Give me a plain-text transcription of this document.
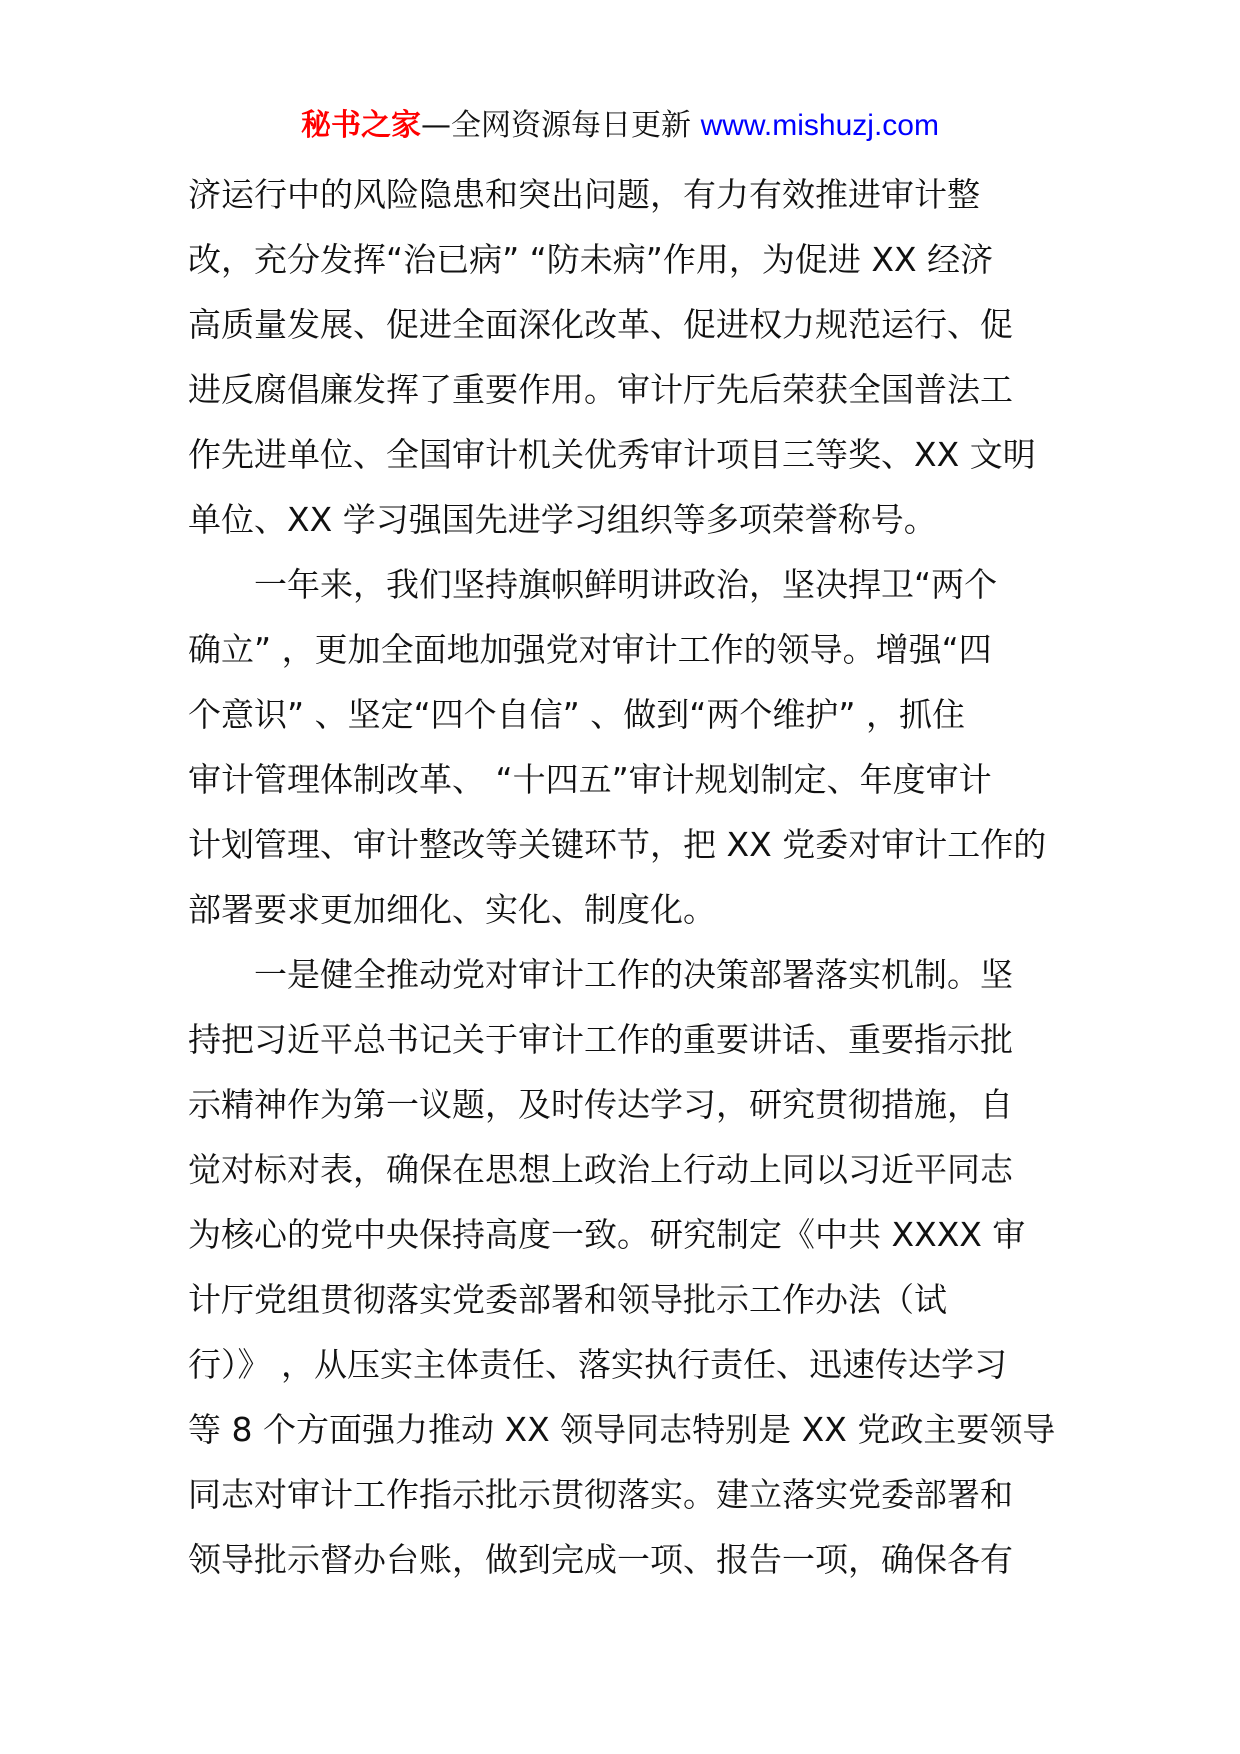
秘书之家—全网资源每日更新 www.mishuzj.com
济运行中的风险隐患和突出问题，有力有效推进审计整
改，充分发挥“治已病” “防未病”作用，为促进 XX 经济
高质量发展、促进全面深化改革、促进权力规范运行、促
进反腐倡廉发挥了重要作用。审计厅先后荣获全国普法工
作先进单位、全国审计机关优秀审计项目三等奖、XX 文明
单位、XX 学习强国先进学习组织等多项荣誉称号。
一年来，我们坚持旗帜鲜明讲政治，坚决捍卫“两个
确立” ，更加全面地加强党对审计工作的领导。增强“四
个意识” 、坚定“四个自信” 、做到“两个维护” ，抓住
审计管理体制改革、 “十四五”审计规划制定、年度审计
计划管理、审计整改等关键环节，把 XX 党委对审计工作的
部署要求更加细化、实化、制度化。
一是健全推动党对审计工作的决策部署落实机制。坚
持把习近平总书记关于审计工作的重要讲话、重要指示批
示精神作为第一议题，及时传达学习，研究贯彻措施，自
觉对标对表，确保在思想上政治上行动上同以习近平同志
为核心的党中央保持高度一致。研究制定《中共 XXXX 审
计厅党组贯彻落实党委部署和领导批示工作办法（试
行）》 ，从压实主体责任、落实执行责任、迅速传达学习
等 8 个方面强力推动 XX 领导同志特别是 XX 党政主要领导
同志对审计工作指示批示贯彻落实。建立落实党委部署和
领导批示督办台账，做到完成一项、报告一项，确保各有
